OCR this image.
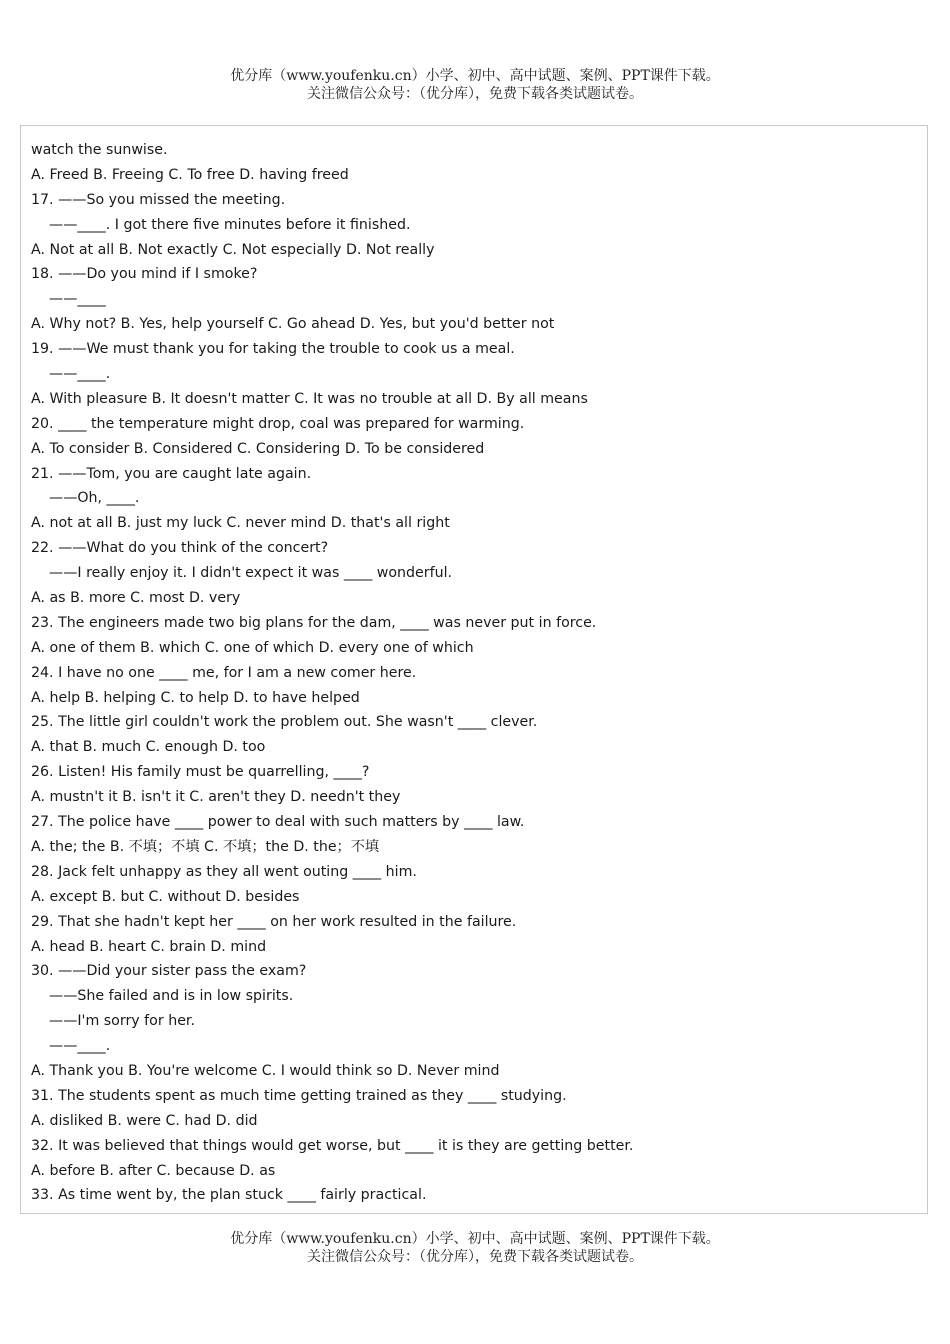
优分库（www.youfenku.cn）小学、初中、高中试题、案例、PPT课件下载。
关注微信公众号：（优分库），免费下载各类试题试卷。
watch the sunwise.
A. Freed B. Freeing C. To free D. having freed
17. ——So you missed the meeting.
——____. I got there five minutes before it finished.
A. Not at all B. Not exactly C. Not especially D. Not really
18. ——Do you mind if I smoke?
——____
A. Why not? B. Yes, help yourself C. Go ahead D. Yes, but you'd better not
19. ——We must thank you for taking the trouble to cook us a meal.
——____.
A. With pleasure B. It doesn't matter C. It was no trouble at all D. By all means
20. ____ the temperature might drop, coal was prepared for warming.
A. To consider B. Considered C. Considering D. To be considered
21. ——Tom, you are caught late again.
——Oh, ____.
A. not at all B. just my luck C. never mind D. that's all right
22. ——What do you think of the concert?
——I really enjoy it. I didn't expect it was ____ wonderful.
A. as B. more C. most D. very
23. The engineers made two big plans for the dam, ____ was never put in force.
A. one of them B. which C. one of which D. every one of which
24. I have no one ____ me, for I am a new comer here.
A. help B. helping C. to help D. to have helped
25. The little girl couldn't work the problem out. She wasn't ____ clever.
A. that B. much C. enough D. too
26. Listen! His family must be quarrelling, ____?
A. mustn't it B. isn't it C. aren't they D. needn't they
27. The police have ____ power to deal with such matters by ____ law.
A. the; the B. 不填；不填 C. 不填；the D. the；不填
28. Jack felt unhappy as they all went outing ____ him.
A. except B. but C. without D. besides
29. That she hadn't kept her ____ on her work resulted in the failure.
A. head B. heart C. brain D. mind
30. ——Did your sister pass the exam?
——She failed and is in low spirits.
——I'm sorry for her.
——____.
A. Thank you B. You're welcome C. I would think so D. Never mind
31. The students spent as much time getting trained as they ____ studying.
A. disliked B. were C. had D. did
32. It was believed that things would get worse, but ____ it is they are getting better.
A. before B. after C. because D. as
33. As time went by, the plan stuck ____ fairly practical.
优分库（www.youfenku.cn）小学、初中、高中试题、案例、PPT课件下载。
关注微信公众号：（优分库），免费下载各类试题试卷。
